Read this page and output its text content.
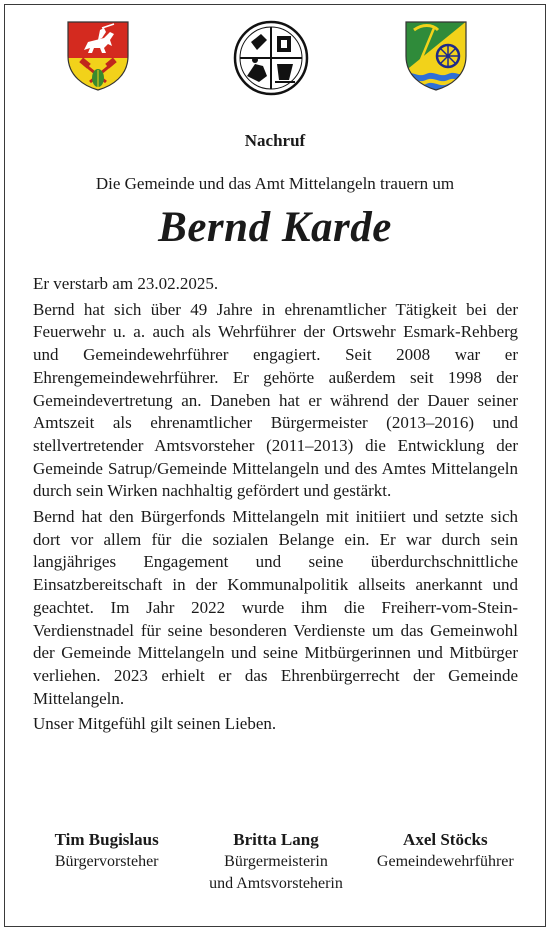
Nachruf
Die Gemeinde und das Amt Mittelangeln trauern um
Bernd Karde

Er verstarb am 23.02.2025.

Bernd hat sich über 49 Jahre in ehrenamtlicher Tätigkeit bei der Feuerwehr u. a. auch als Wehrführer der Ortswehr Esmark-Rehberg und Gemeindewehrführer engagiert. Seit 2008 war er Ehrengemeindewehrführer. Er gehörte außerdem seit 1998 der Gemeindevertretung an. Daneben hat er während der Dauer seiner Amtszeit als ehrenamtlicher Bürgermeister (2013–2016) und stellvertretender Amtsvorsteher (2011–2013) die Entwicklung der Gemeinde Satrup/Gemeinde Mittelangeln und des Amtes Mittelangeln durch sein Wirken nachhaltig gefördert und gestärkt.

Bernd hat den Bürgerfonds Mittelangeln mit initiiert und setzte sich dort vor allem für die sozialen Belange ein. Er war durch sein langjähriges Engagement und seine überdurchschnittliche Einsatzbereitschaft in der Kommunalpolitik allseits anerkannt und geachtet. Im Jahr 2022 wurde ihm die Freiherr-vom-Stein-Verdienstnadel für seine besonderen Verdienste um das Gemeinwohl der Gemeinde Mittelangeln und seine Mitbürgerinnen und Mitbürger verliehen. 2023 erhielt er das Ehrenbürgerrecht der Gemeinde Mittelangeln.

Unser Mitgefühl gilt seinen Lieben.

Tim Bugislaus
Bürgervorsteher
Britta Lang
Bürgermeisterin
und Amtsvorsteherin
Axel Stöcks
Gemeindewehrführer
